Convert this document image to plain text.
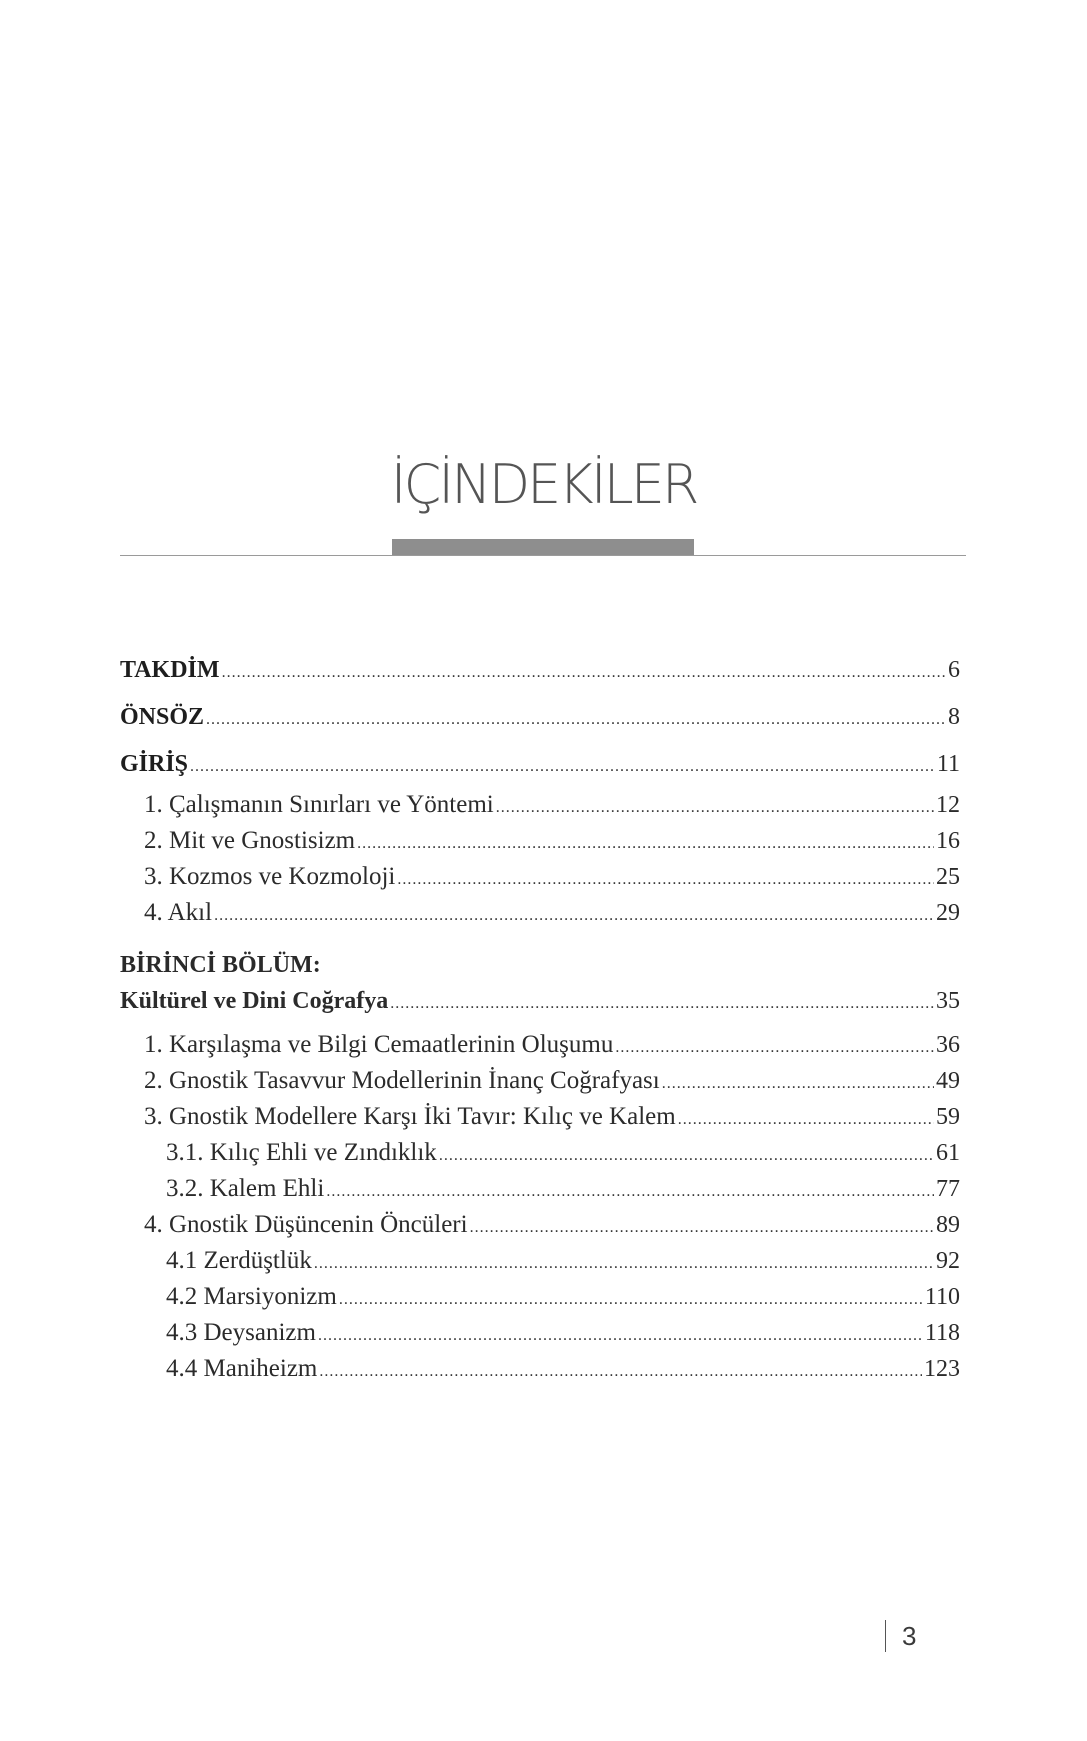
İÇİNDEKİLER
TAKDİM .....	6
ÖNSÖZ .....	8
GİRİŞ .....	11
1. Çalışmanın Sınırları ve Yöntemi .....	12
2. Mit ve Gnostisizm .....	16
3. Kozmos ve Kozmoloji .....	25
4. Akıl .....	29
BİRİNCİ BÖLÜM:
Kültürel ve Dini Coğrafya .....	35
1. Karşılaşma ve Bilgi Cemaatlerinin Oluşumu .....	36
2. Gnostik Tasavvur Modellerinin İnanç Coğrafyası .....	49
3. Gnostik Modellere Karşı İki Tavır: Kılıç ve Kalem .....	59
3.1. Kılıç Ehli ve Zındıklık .....	61
3.2. Kalem Ehli .....	77
4. Gnostik Düşüncenin Öncüleri .....	89
4.1 Zerdüştlük .....	92
4.2 Marsiyonizm .....	110
4.3 Deysanizm .....	118
4.4 Maniheizm .....	123
3
